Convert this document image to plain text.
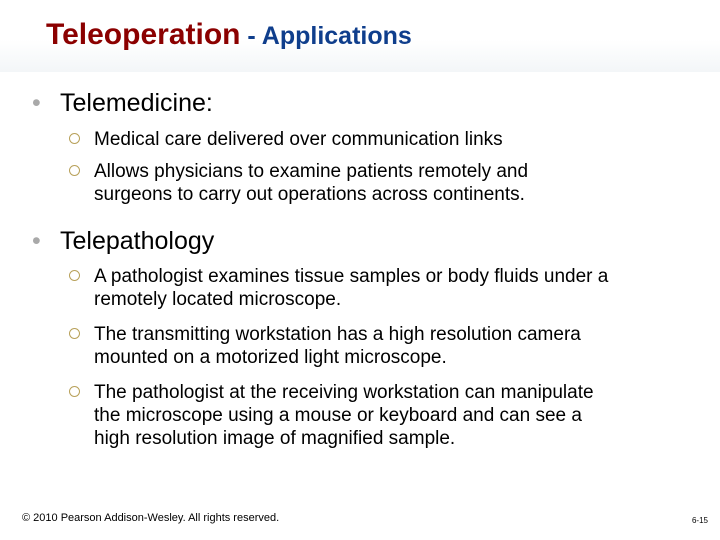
Teleoperation - Applications
• Telemedicine:
Medical care delivered over communication links
Allows physicians to examine patients remotely and
surgeons to carry out operations across continents.
• Telepathology
A pathologist examines tissue samples or body fluids under a
remotely located microscope.
The transmitting workstation has a high resolution camera
mounted on a motorized light microscope.
The pathologist at the receiving workstation can manipulate
the microscope using a mouse or keyboard and can see a
high resolution image of magnified sample.
© 2010 Pearson Addison-Wesley. All rights reserved.	6-15
